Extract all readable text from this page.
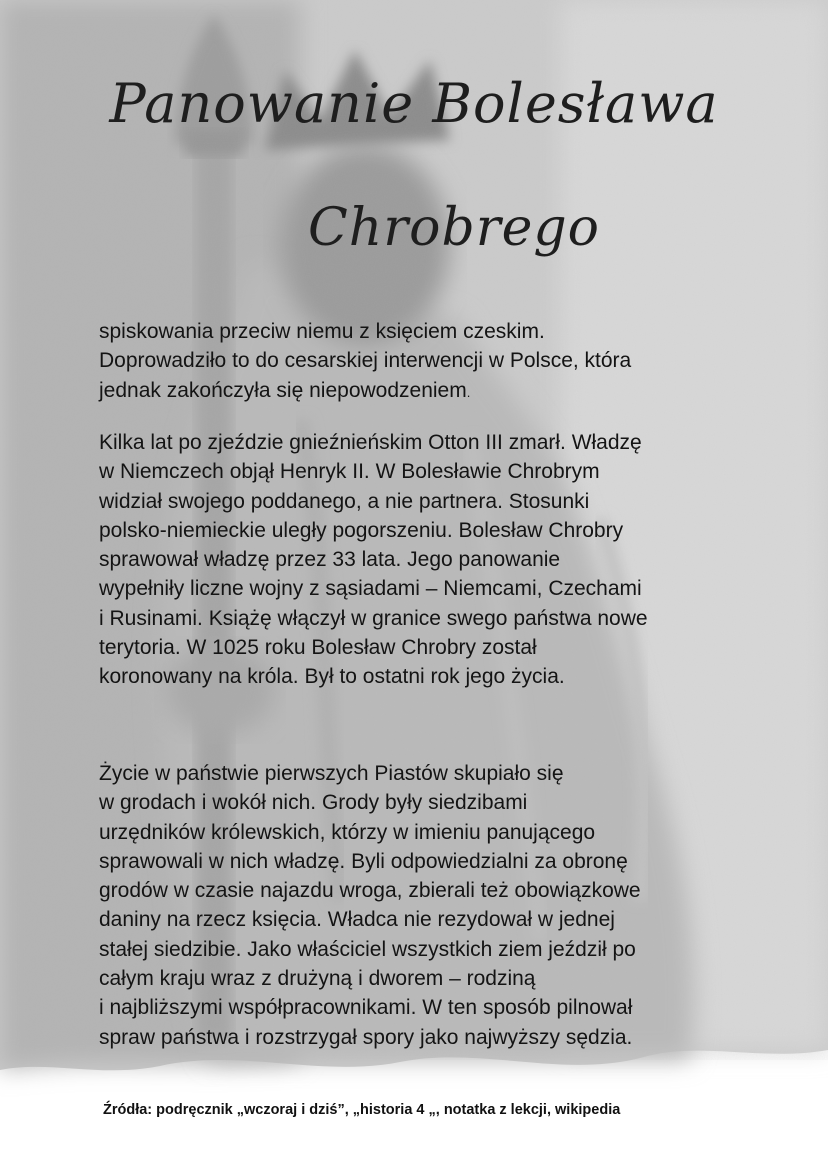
Panowanie Bolesława
Chrobrego

spiskowania przeciw niemu z księciem czeskim.
Doprowadziło to do cesarskiej interwencji w Polsce, która
jednak zakończyła się niepowodzeniem.

Kilka lat po zjeździe gnieźnieńskim Otton III zmarł. Władzę
w Niemczech objął Henryk II. W Bolesławie Chrobrym
widział swojego poddanego, a nie partnera. Stosunki
polsko-niemieckie uległy pogorszeniu. Bolesław Chrobry
sprawował władzę przez 33 lata. Jego panowanie
wypełniły liczne wojny z sąsiadami – Niemcami, Czechami
i Rusinami. Książę włączył w granice swego państwa nowe
terytoria. W 1025 roku Bolesław Chrobry został
koronowany na króla. Był to ostatni rok jego życia.

Życie w państwie pierwszych Piastów skupiało się
w grodach i wokół nich. Grody były siedzibami
urzędników królewskich, którzy w imieniu panującego
sprawowali w nich władzę. Byli odpowiedzialni za obronę
grodów w czasie najazdu wroga, zbierali też obowiązkowe
daniny na rzecz księcia. Władca nie rezydował w jednej
stałej siedzibie. Jako właściciel wszystkich ziem jeździł po
całym kraju wraz z drużyną i dworem – rodziną
i najbliższymi współpracownikami. W ten sposób pilnował
spraw państwa i rozstrzygał spory jako najwyższy sędzia.

Źródła: podręcznik „wczoraj i dziś”, „historia 4 „, notatka z lekcji, wikipedia
